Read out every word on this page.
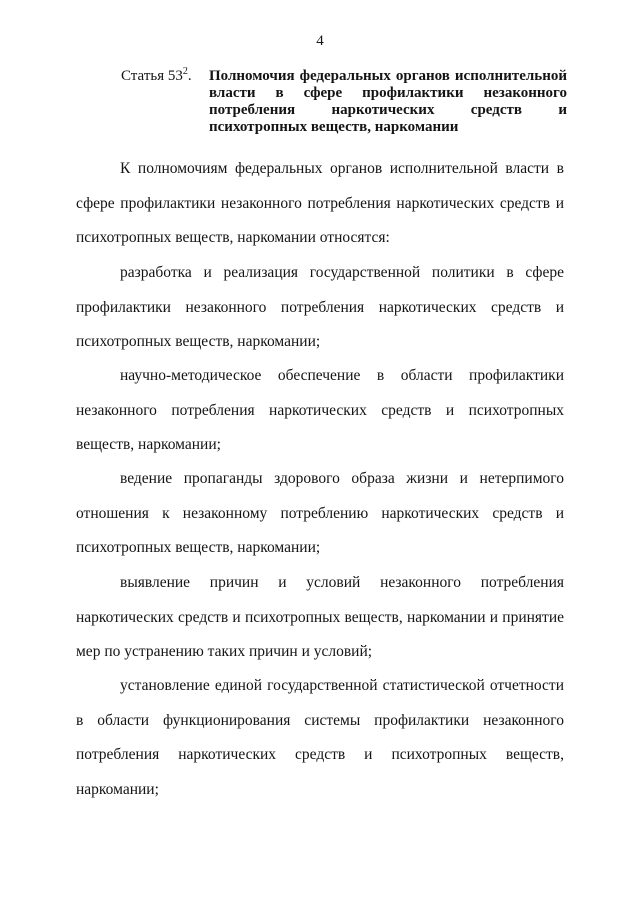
4
Статья $53^2$. Полномочия федеральных органов исполнительной власти в сфере профилактики незаконного потребления наркотических средств и психотропных веществ, наркомании

К полномочиям федеральных органов исполнительной власти в сфере профилактики незаконного потребления наркотических средств и психотропных веществ, наркомании относятся:

разработка и реализация государственной политики в сфере профилактики незаконного потребления наркотических средств и психотропных веществ, наркомании;

научно-методическое обеспечение в области профилактики незаконного потребления наркотических средств и психотропных веществ, наркомании;

ведение пропаганды здорового образа жизни и нетерпимого отношения к незаконному потреблению наркотических средств и психотропных веществ, наркомании;

выявление причин и условий незаконного потребления наркотических средств и психотропных веществ, наркомании и принятие мер по устранению таких причин и условий;

установление единой государственной статистической отчетности в области функционирования системы профилактики незаконного потребления наркотических средств и психотропных веществ, наркомании;
